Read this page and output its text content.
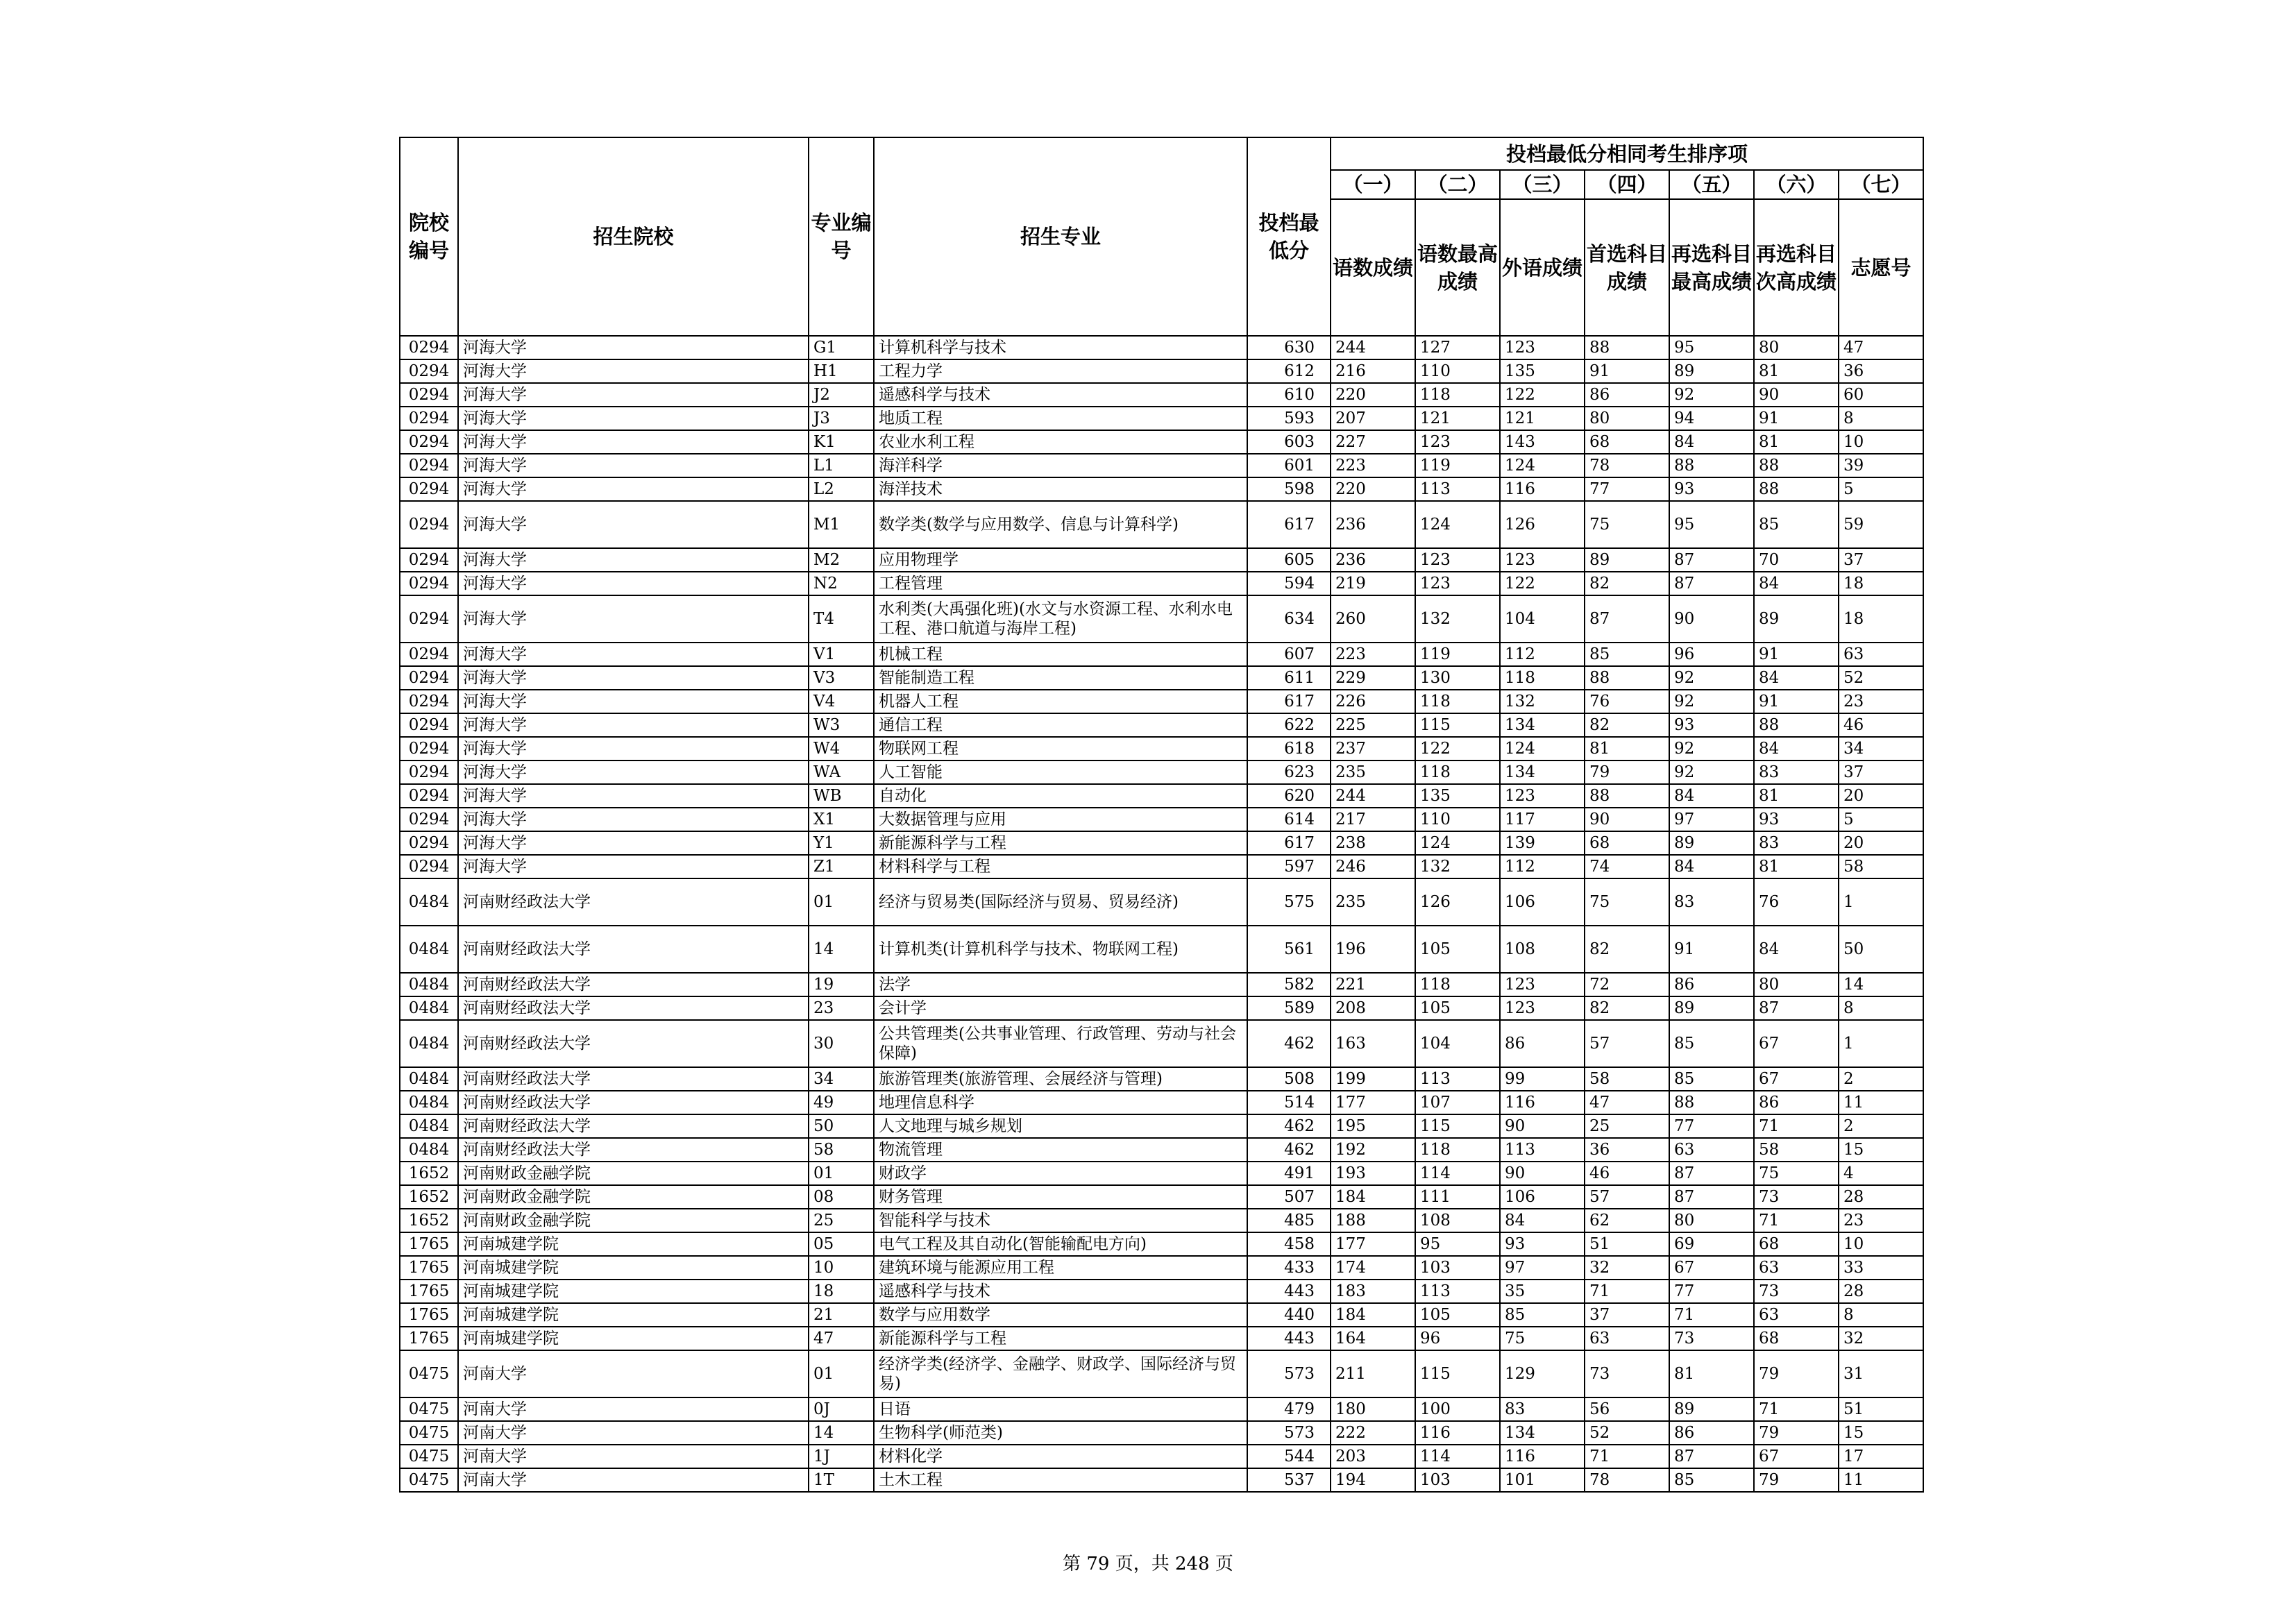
院校编号	招生院校	专业编号	招生专业	投档最低分	投档最低分相同考生排序项						
					（一）	（二）	（三）	（四）	（五）	（六）	（七）
					语数成绩	语数最高成绩	外语成绩	首选科目成绩	再选科目最高成绩	再选科目次高成绩	志愿号
0294	河海大学	G1	计算机科学与技术	630	244	127	123	88	95	80	47
0294	河海大学	H1	工程力学	612	216	110	135	91	89	81	36
0294	河海大学	J2	遥感科学与技术	610	220	118	122	86	92	90	60
0294	河海大学	J3	地质工程	593	207	121	121	80	94	91	8
0294	河海大学	K1	农业水利工程	603	227	123	143	68	84	81	10
0294	河海大学	L1	海洋科学	601	223	119	124	78	88	88	39
0294	河海大学	L2	海洋技术	598	220	113	116	77	93	88	5
0294	河海大学	M1	数学类(数学与应用数学、信息与计算科学)	617	236	124	126	75	95	85	59
0294	河海大学	M2	应用物理学	605	236	123	123	89	87	70	37
0294	河海大学	N2	工程管理	594	219	123	122	82	87	84	18
0294	河海大学	T4	水利类(大禹强化班)(水文与水资源工程、水利水电工程、港口航道与海岸工程)	634	260	132	104	87	90	89	18
0294	河海大学	V1	机械工程	607	223	119	112	85	96	91	63
0294	河海大学	V3	智能制造工程	611	229	130	118	88	92	84	52
0294	河海大学	V4	机器人工程	617	226	118	132	76	92	91	23
0294	河海大学	W3	通信工程	622	225	115	134	82	93	88	46
0294	河海大学	W4	物联网工程	618	237	122	124	81	92	84	34
0294	河海大学	WA	人工智能	623	235	118	134	79	92	83	37
0294	河海大学	WB	自动化	620	244	135	123	88	84	81	20
0294	河海大学	X1	大数据管理与应用	614	217	110	117	90	97	93	5
0294	河海大学	Y1	新能源科学与工程	617	238	124	139	68	89	83	20
0294	河海大学	Z1	材料科学与工程	597	246	132	112	74	84	81	58
0484	河南财经政法大学	01	经济与贸易类(国际经济与贸易、贸易经济)	575	235	126	106	75	83	76	1
0484	河南财经政法大学	14	计算机类(计算机科学与技术、物联网工程)	561	196	105	108	82	91	84	50
0484	河南财经政法大学	19	法学	582	221	118	123	72	86	80	14
0484	河南财经政法大学	23	会计学	589	208	105	123	82	89	87	8
0484	河南财经政法大学	30	公共管理类(公共事业管理、行政管理、劳动与社会保障)	462	163	104	86	57	85	67	1
0484	河南财经政法大学	34	旅游管理类(旅游管理、会展经济与管理)	508	199	113	99	58	85	67	2
0484	河南财经政法大学	49	地理信息科学	514	177	107	116	47	88	86	11
0484	河南财经政法大学	50	人文地理与城乡规划	462	195	115	90	25	77	71	2
0484	河南财经政法大学	58	物流管理	462	192	118	113	36	63	58	15
1652	河南财政金融学院	01	财政学	491	193	114	90	46	87	75	4
1652	河南财政金融学院	08	财务管理	507	184	111	106	57	87	73	28
1652	河南财政金融学院	25	智能科学与技术	485	188	108	84	62	80	71	23
1765	河南城建学院	05	电气工程及其自动化(智能输配电方向)	458	177	95	93	51	69	68	10
1765	河南城建学院	10	建筑环境与能源应用工程	433	174	103	97	32	67	63	33
1765	河南城建学院	18	遥感科学与技术	443	183	113	35	71	77	73	28
1765	河南城建学院	21	数学与应用数学	440	184	105	85	37	71	63	8
1765	河南城建学院	47	新能源科学与工程	443	164	96	75	63	73	68	32
0475	河南大学	01	经济学类(经济学、金融学、财政学、国际经济与贸易)	573	211	115	129	73	81	79	31
0475	河南大学	0J	日语	479	180	100	83	56	89	71	51
0475	河南大学	14	生物科学(师范类)	573	222	116	134	52	86	79	15
0475	河南大学	1J	材料化学	544	203	114	116	71	87	67	17
0475	河南大学	1T	土木工程	537	194	103	101	78	85	79	11
第 79 页，共 248 页
